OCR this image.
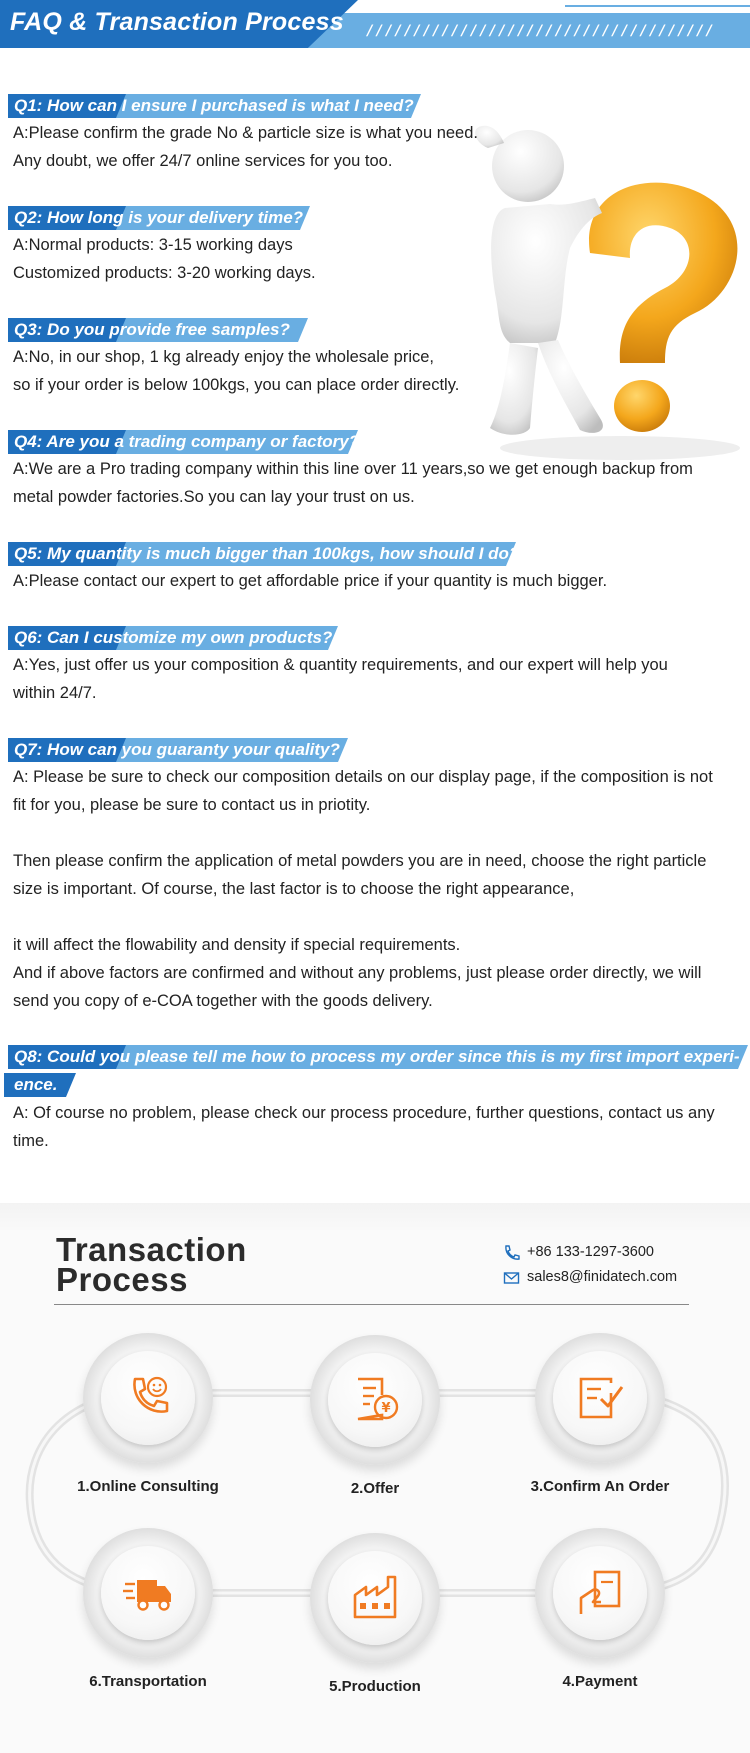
FAQ & Transaction Process /////////////////////////////////////
Q1: How can I ensure I purchased is what I need?

A:Please confirm the grade No & particle size is what you need.

Any doubt, we offer 24/7 online services for you too.

Q2: How long is your delivery time?

A:Normal products: 3-15 working days

Customized products: 3-20 working days.

Q3: Do you provide free samples?

A:No, in our shop, 1 kg already enjoy the wholesale price,

so if your order is below 100kgs, you can place order directly.

Q4: Are you a trading company or factory?

A:We are a Pro trading company within this line over 11 years,so we get enough backup from

metal powder factories.So you can lay your trust on us.

Q5: My quantity is much bigger than 100kgs, how should I do?

A:Please contact our expert to get affordable price if your quantity is much bigger.

Q6: Can I customize my own products?

A:Yes, just offer us your composition & quantity requirements, and our expert will help you

within 24/7.

Q7: How can you guaranty your quality?

A: Please be sure to check our composition details on our display page, if the composition is not

fit for you, please be sure to contact us in priotity.

Then please confirm the application of metal powders you are in need, choose the right particle

size is important. Of course, the last factor is to choose the right appearance,

it will affect the flowability and density if special requirements.

And if above factors are confirmed and without any problems, just please order directly, we will

send you copy of e-COA together with the goods delivery.

Q8: Could you please tell me how to process my order since this is my first import experi-
ence.

A: Of course no problem, please check our process procedure, further questions, contact us any

time.

Transaction
Process
+86 133-1297-3600
sales8@finidatech.com
1.Online Consulting
¥
2.Offer	3.Confirm An Order
6.Transportation	5.Production	4.Payment
